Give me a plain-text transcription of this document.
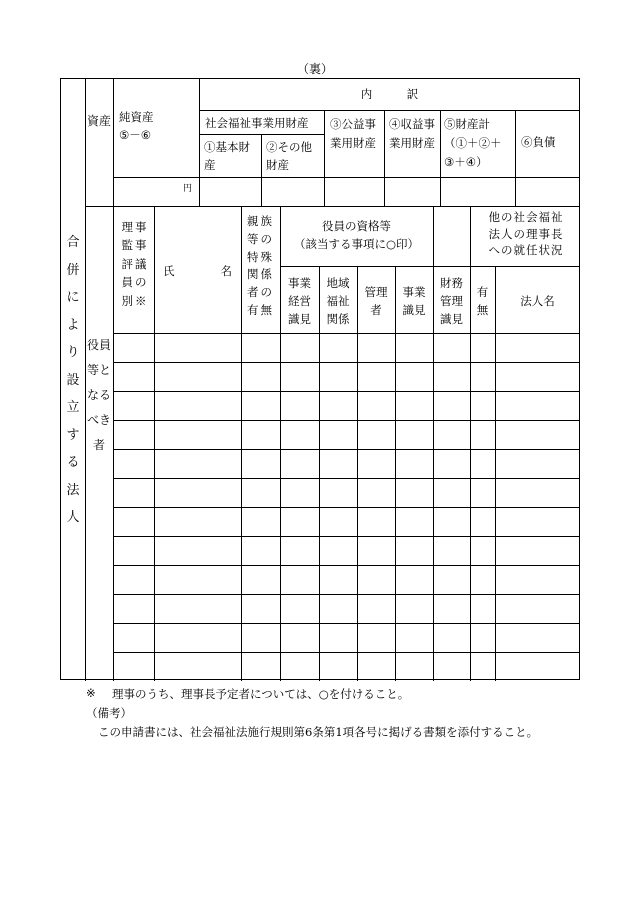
（裏）
合併により設立する法人
資産 純資産
⑤－⑥
円
内　　　訳
社会福祉事業用財産
①基本財産
②その他財産
③公益事業用財産
④収益事業用財産
⑤財産計
（①＋②＋
③＋④）
⑥負債
役員等となるべき者
理事
監事
評議
員の
別※
氏　　　　名
親族
等の
特殊
関係
者の
有無
役員の資格等
（該当する事項に○印）
事業
経営
識見
地域
福祉
関係
管理
者
事業
識見
財務
管理
識見
他の社会福祉
法人の理事長
への就任状況
有
無
法人名
※ 理事のうち、理事長予定者については、○を付けること。
（備考）
この申請書には、社会福祉法施行規則第6条第1項各号に掲げる書類を添付すること。
